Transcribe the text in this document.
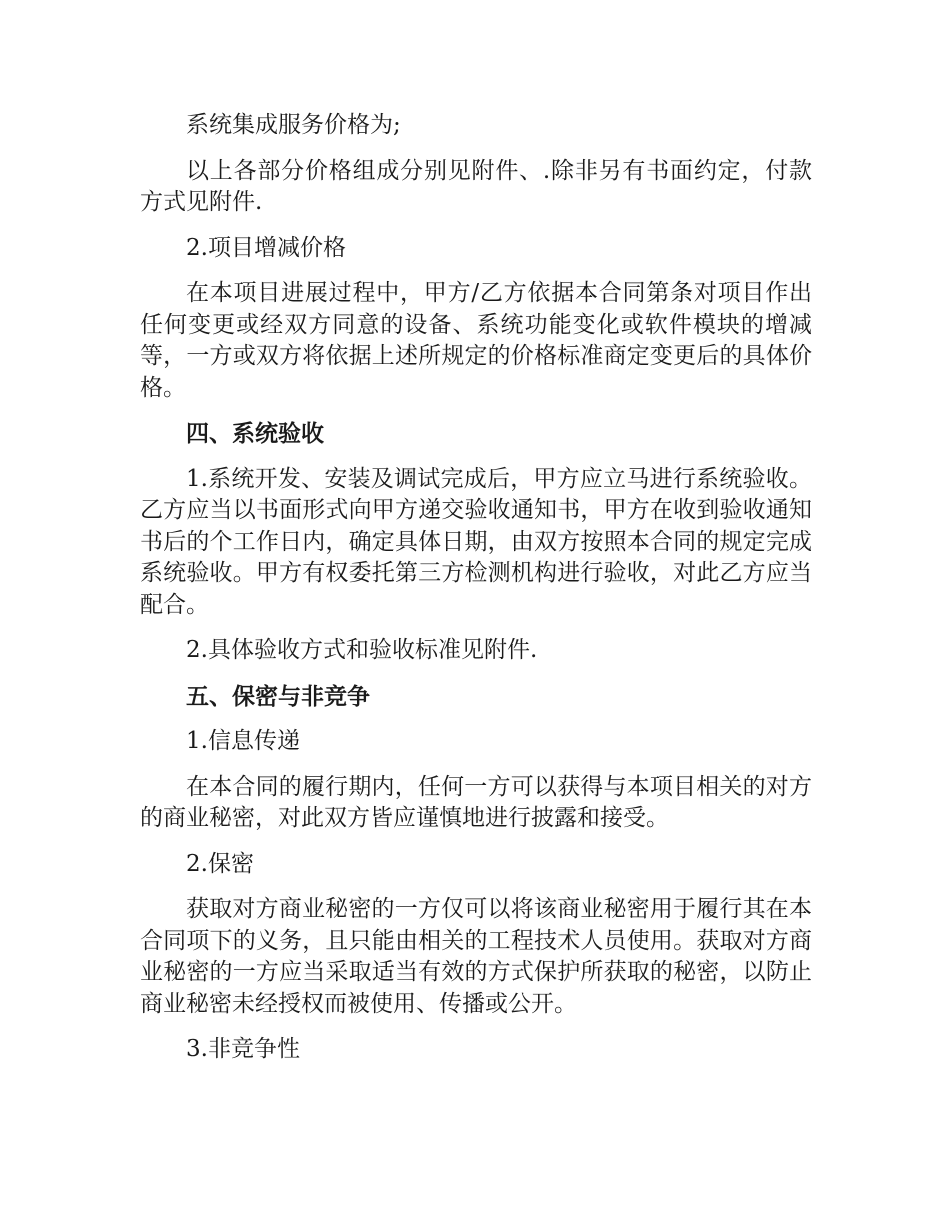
系统集成服务价格为;

以上各部分价格组成分别见附件、.除非另有书面约定，付款方式见附件.

2.项目增减价格

在本项目进展过程中，甲方/乙方依据本合同第条对项目作出任何变更或经双方同意的设备、系统功能变化或软件模块的增减等，一方或双方将依据上述所规定的价格标准商定变更后的具体价格。

四、系统验收

1.系统开发、安装及调试完成后，甲方应立马进行系统验收。乙方应当以书面形式向甲方递交验收通知书，甲方在收到验收通知书后的个工作日内，确定具体日期，由双方按照本合同的规定完成系统验收。甲方有权委托第三方检测机构进行验收，对此乙方应当配合。

2.具体验收方式和验收标准见附件.

五、保密与非竞争

1.信息传递

在本合同的履行期内，任何一方可以获得与本项目相关的对方的商业秘密，对此双方皆应谨慎地进行披露和接受。

2.保密

获取对方商业秘密的一方仅可以将该商业秘密用于履行其在本合同项下的义务，且只能由相关的工程技术人员使用。获取对方商业秘密的一方应当采取适当有效的方式保护所获取的秘密，以防止商业秘密未经授权而被使用、传播或公开。

3.非竞争性
